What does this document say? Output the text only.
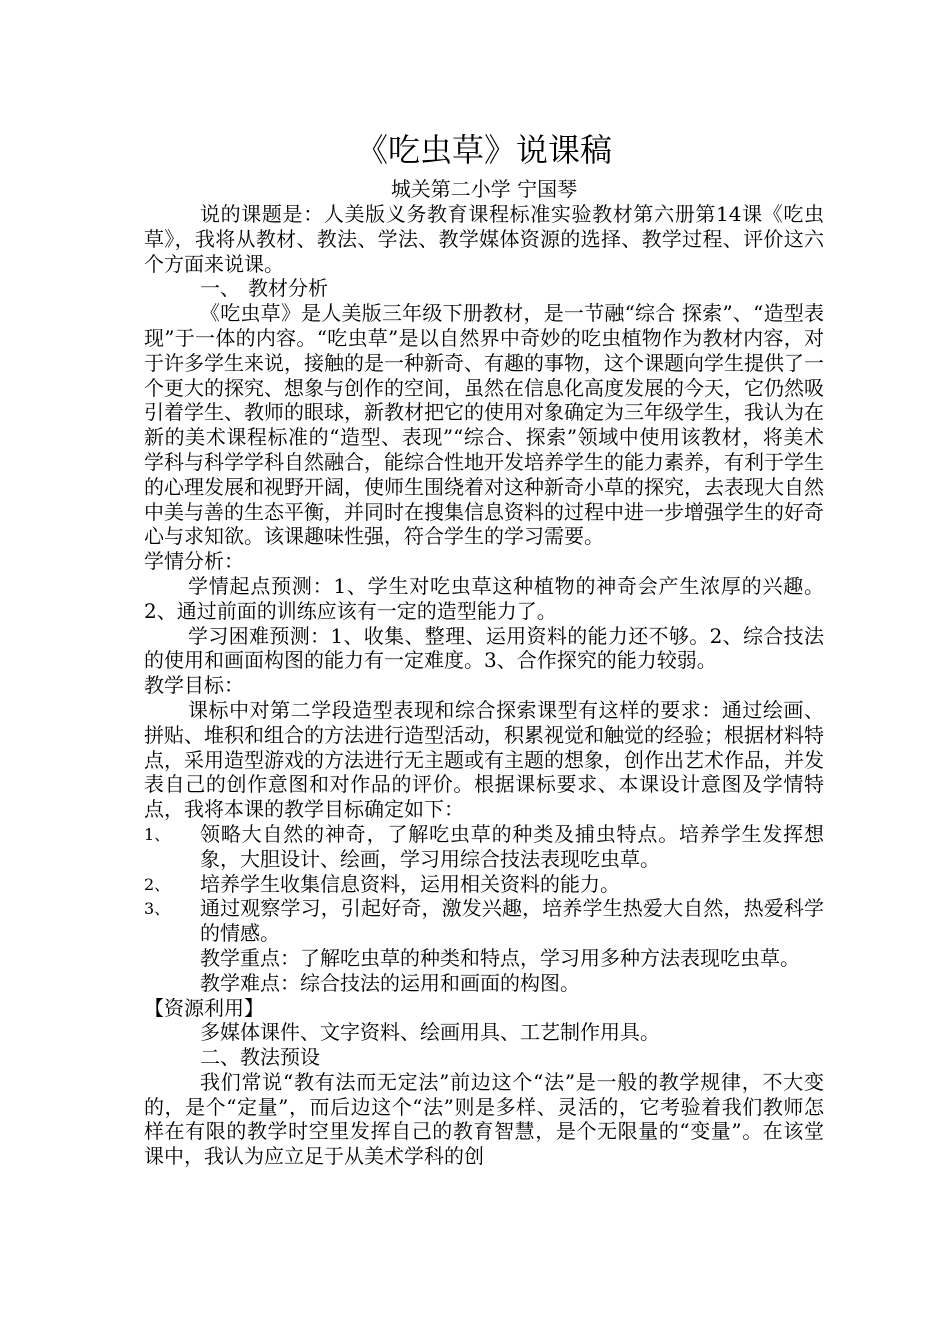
《吃虫草》说课稿

城关第二小学 宁国琴

说的课题是：人美版义务教育课程标准实验教材第六册第14课《吃虫草》，我将从教材、教法、学法、教学媒体资源的选择、教学过程、评价这六个方面来说课。

一、 教材分析

《吃虫草》是人美版三年级下册教材，是一节融“综合 探索”、“造型表现”于一体的内容。“吃虫草”是以自然界中奇妙的吃虫植物作为教材内容，对于许多学生来说，接触的是一种新奇、有趣的事物，这个课题向学生提供了一个更大的探究、想象与创作的空间，虽然在信息化高度发展的今天，它仍然吸引着学生、教师的眼球，新教材把它的使用对象确定为三年级学生，我认为在新的美术课程标准的“造型、表现”“综合、探索”领域中使用该教材，将美术学科与科学学科自然融合，能综合性地开发培养学生的能力素养，有利于学生的心理发展和视野开阔，使师生围绕着对这种新奇小草的探究，去表现大自然中美与善的生态平衡，并同时在搜集信息资料的过程中进一步增强学生的好奇心与求知欲。该课趣味性强，符合学生的学习需要。

学情分析：

学情起点预测：1、学生对吃虫草这种植物的神奇会产生浓厚的兴趣。2、通过前面的训练应该有一定的造型能力了。

学习困难预测：1、收集、整理、运用资料的能力还不够。2、综合技法的使用和画面构图的能力有一定难度。3、合作探究的能力较弱。

教学目标：

课标中对第二学段造型表现和综合探索课型有这样的要求：通过绘画、拼贴、堆积和组合的方法进行造型活动，积累视觉和触觉的经验；根据材料特点，采用造型游戏的方法进行无主题或有主题的想象，创作出艺术作品，并发表自己的创作意图和对作品的评价。根据课标要求、本课设计意图及学情特点，我将本课的教学目标确定如下：

1、	领略大自然的神奇，了解吃虫草的种类及捕虫特点。培养学生发挥想象，大胆设计、绘画，学习用综合技法表现吃虫草。
2、	培养学生收集信息资料，运用相关资料的能力。
3、	通过观察学习，引起好奇，激发兴趣，培养学生热爱大自然，热爱科学的情感。

教学重点：了解吃虫草的种类和特点，学习用多种方法表现吃虫草。

教学难点：综合技法的运用和画面的构图。

【资源利用】

多媒体课件、文字资料、绘画用具、工艺制作用具。

二、教法预设

我们常说“教有法而无定法”前边这个“法”是一般的教学规律，不大变的，是个“定量”，而后边这个“法”则是多样、灵活的，它考验着我们教师怎样在有限的教学时空里发挥自己的教育智慧，是个无限量的“变量”。在该堂课中，我认为应立足于从美术学科的创
